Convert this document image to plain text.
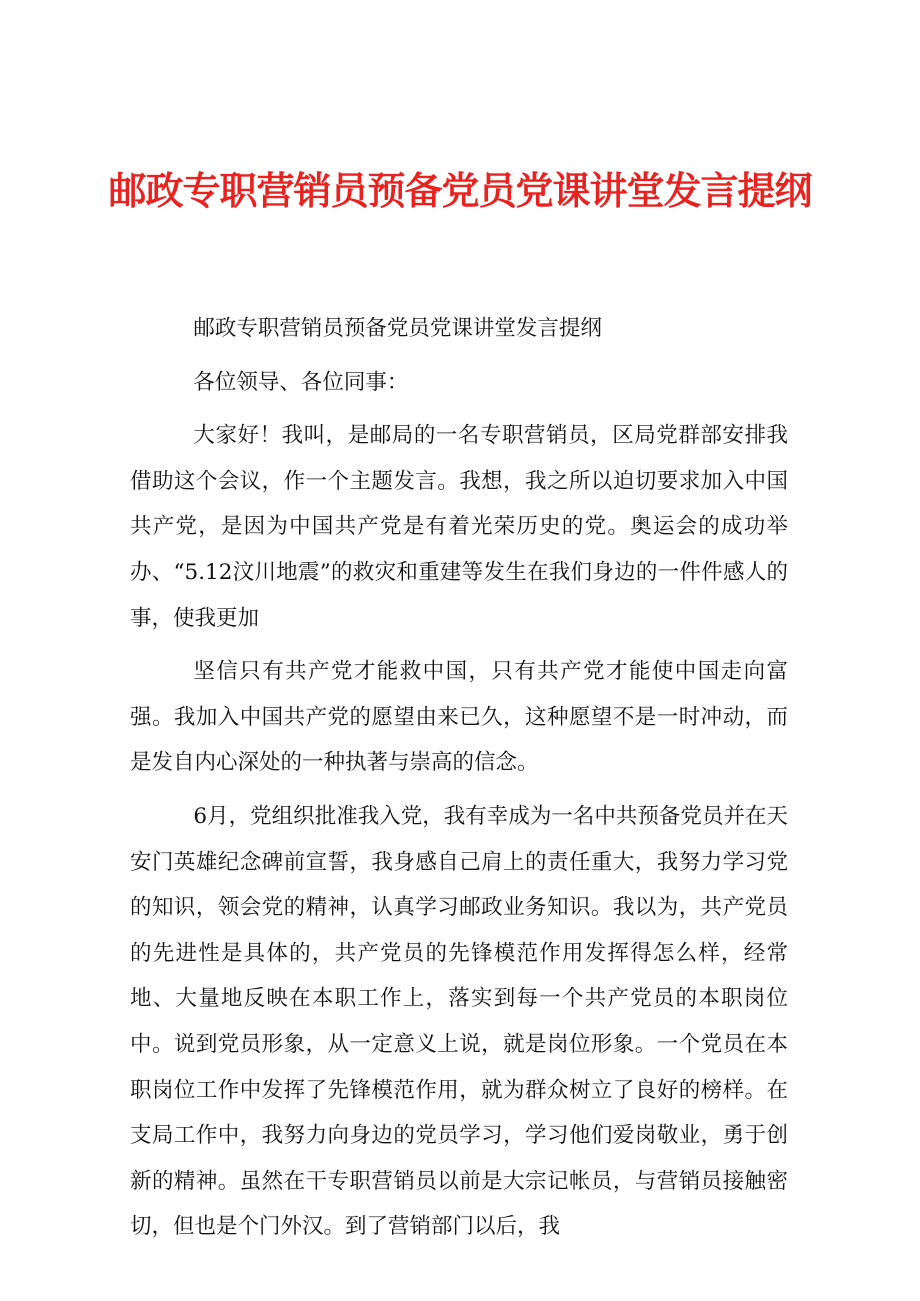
邮政专职营销员预备党员党课讲堂发言提纲

邮政专职营销员预备党员党课讲堂发言提纲

各位领导、各位同事：

大家好！我叫，是邮局的一名专职营销员，区局党群部安排我借助这个会议，作一个主题发言。我想，我之所以迫切要求加入中国共产党，是因为中国共产党是有着光荣历史的党。奥运会的成功举办、“5.12汶川地震”的救灾和重建等发生在我们身边的一件件感人的事，使我更加

坚信只有共产党才能救中国，只有共产党才能使中国走向富强。我加入中国共产党的愿望由来已久，这种愿望不是一时冲动，而是发自内心深处的一种执著与崇高的信念。

6月，党组织批准我入党，我有幸成为一名中共预备党员并在天安门英雄纪念碑前宣誓，我身感自己肩上的责任重大，我努力学习党的知识，领会党的精神，认真学习邮政业务知识。我以为，共产党员的先进性是具体的，共产党员的先锋模范作用发挥得怎么样，经常地、大量地反映在本职工作上，落实到每一个共产党员的本职岗位中。说到党员形象，从一定意义上说，就是岗位形象。一个党员在本职岗位工作中发挥了先锋模范作用，就为群众树立了良好的榜样。在支局工作中，我努力向身边的党员学习，学习他们爱岗敬业，勇于创新的精神。虽然在干专职营销员以前是大宗记帐员，与营销员接触密切，但也是个门外汉。到了营销部门以后，我
